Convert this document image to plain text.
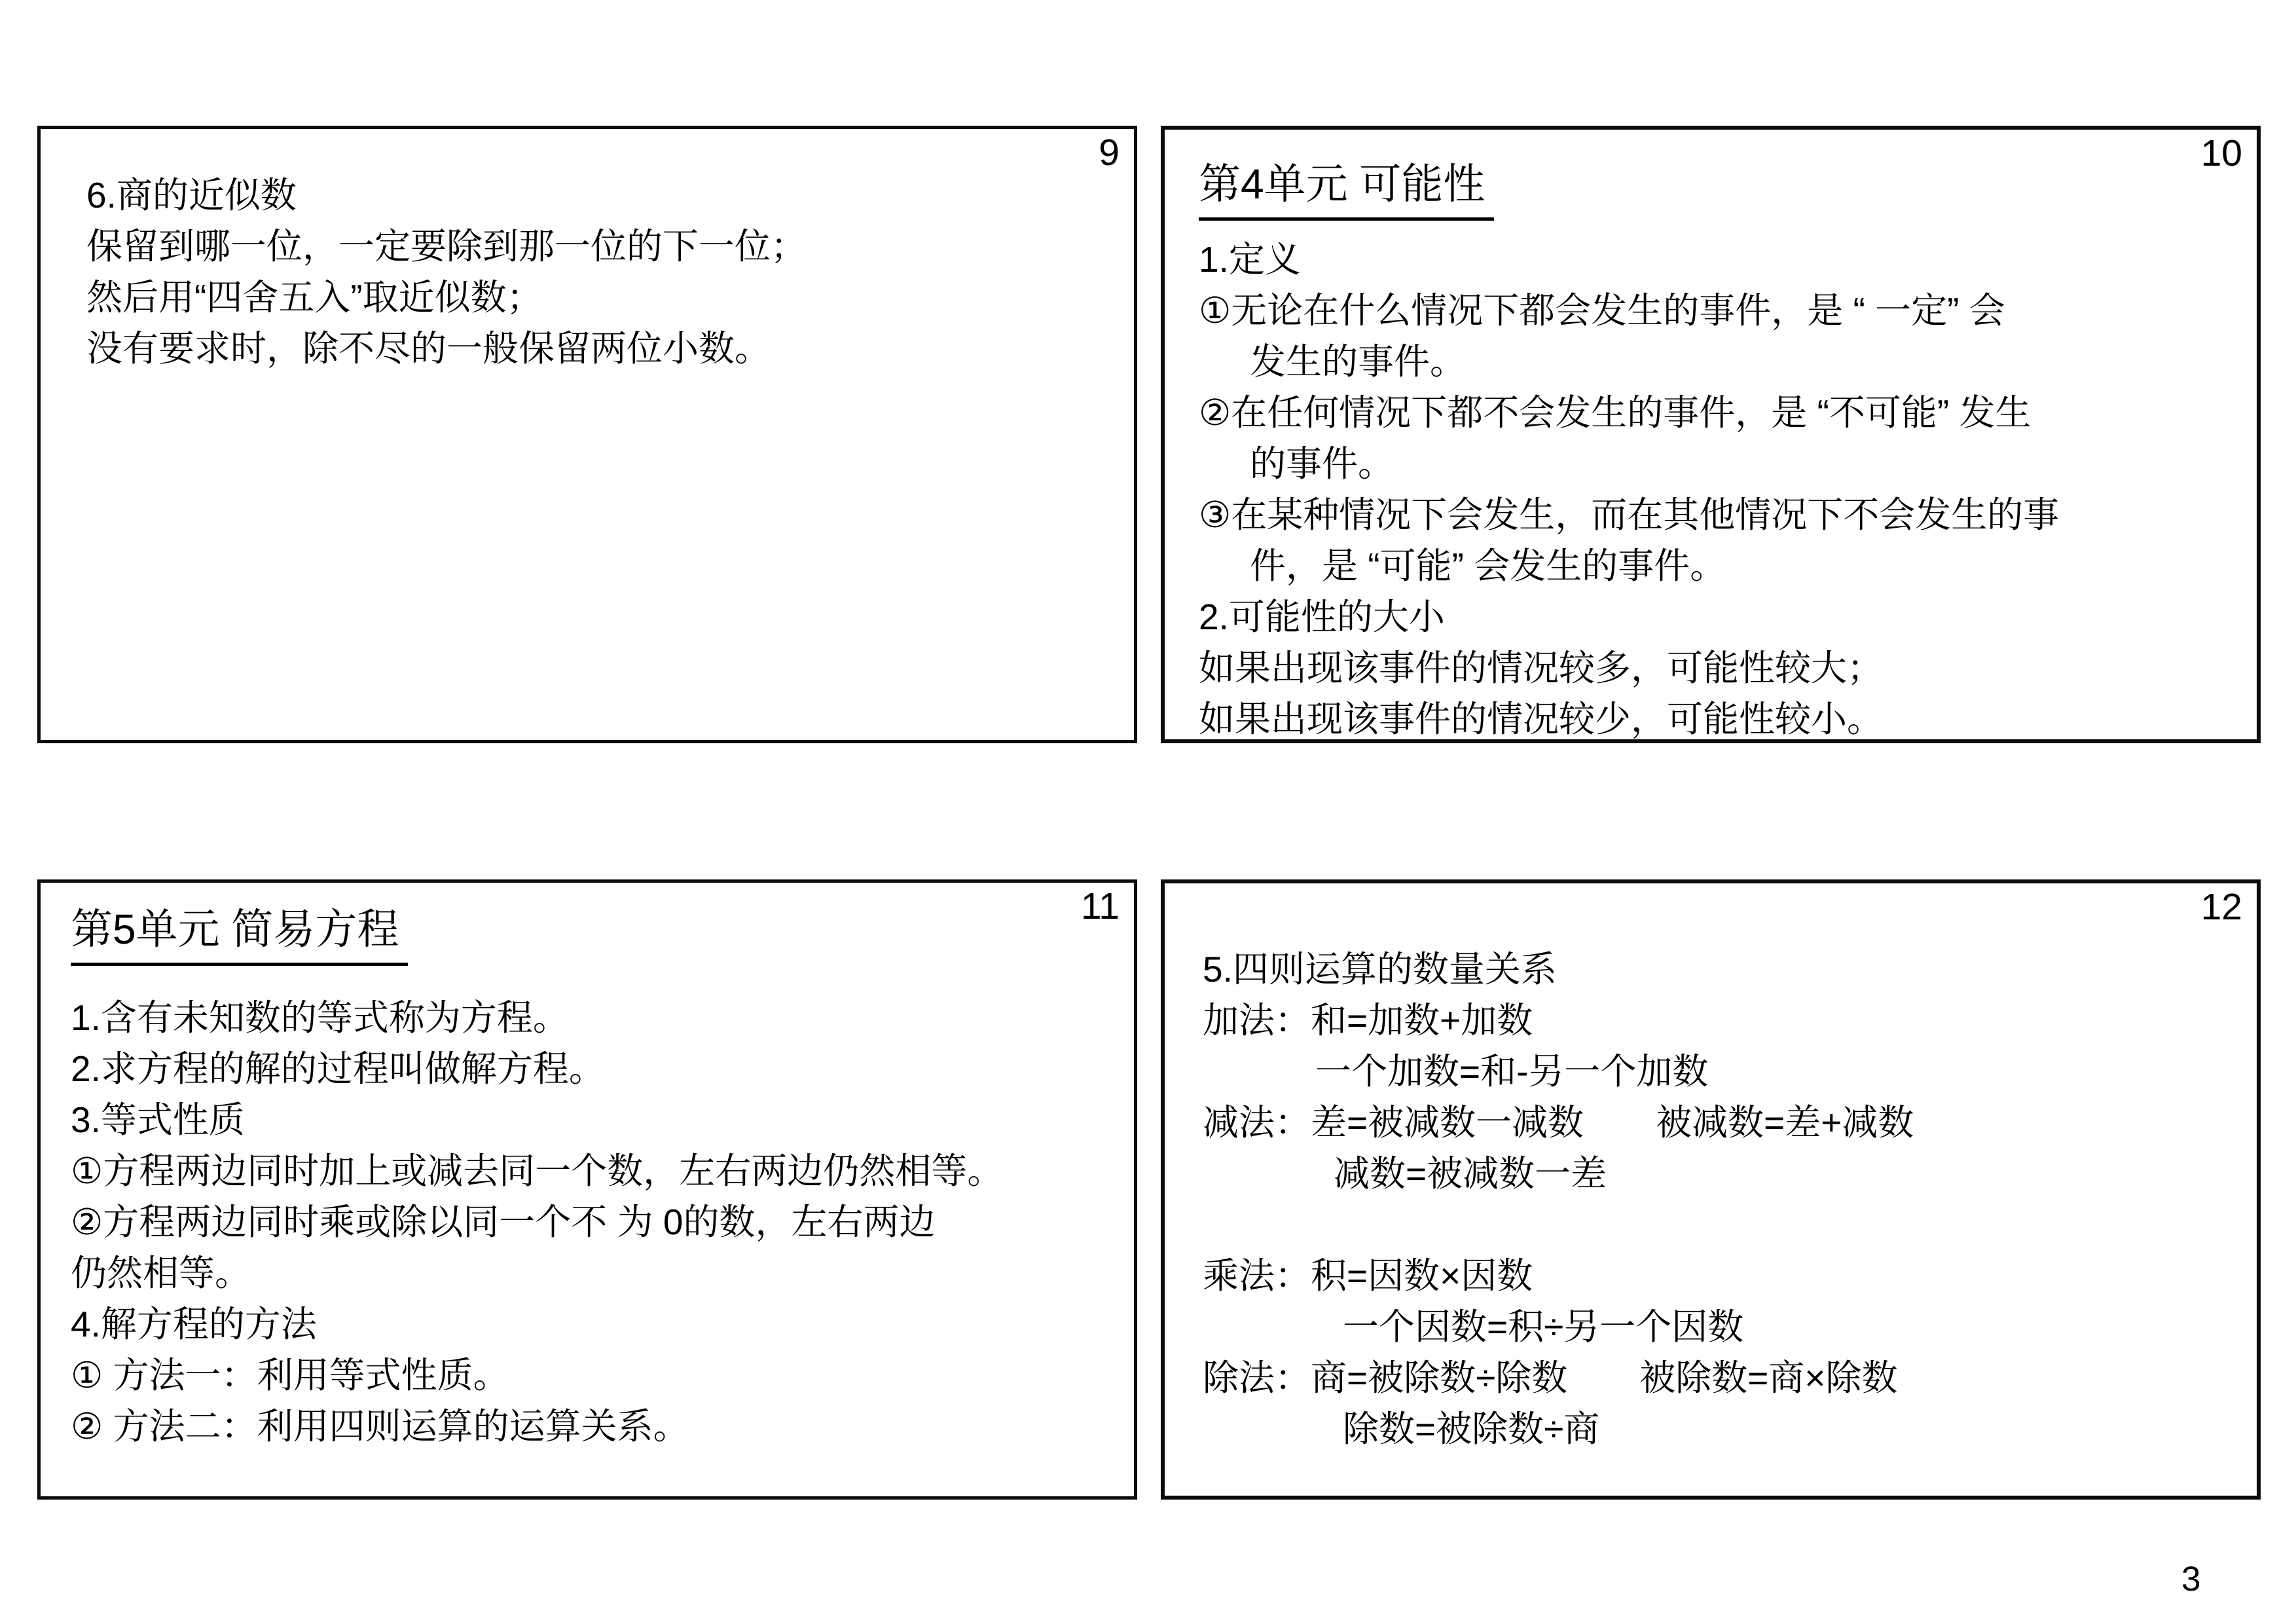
9
6.商的近似数
保留到哪一位，一定要除到那一位的下一位；
然后用“四舍五入”取近似数；
没有要求时，除不尽的一般保留两位小数。
10
第4单元 可能性
1.定义
①无论在什么情况下都会发生的事件，是 “ 一定” 会
发生的事件。
②在任何情况下都不会发生的事件，是 “不可能” 发生
的事件。
③在某种情况下会发生，而在其他情况下不会发生的事
件，是 “可能” 会发生的事件。
2.可能性的大小
如果出现该事件的情况较多，可能性较大；
如果出现该事件的情况较少，可能性较小。
11
第5单元 简易方程
1.含有未知数的等式称为方程。
2.求方程的解的过程叫做解方程。
3.等式性质
①方程两边同时加上或减去同一个数，左右两边仍然相等。
②方程两边同时乘或除以同一个不 为 0的数，左右两边
仍然相等。
4.解方程的方法
① 方法一：利用等式性质。
② 方法二：利用四则运算的运算关系。
12
5.四则运算的数量关系
加法：和=加数+加数
一个加数=和-另一个加数
减法：差=被减数一减数　　被减数=差+减数
减数=被减数一差
乘法：积=因数×因数
一个因数=积÷另一个因数
除法：商=被除数÷除数　　被除数=商×除数
除数=被除数÷商
3
